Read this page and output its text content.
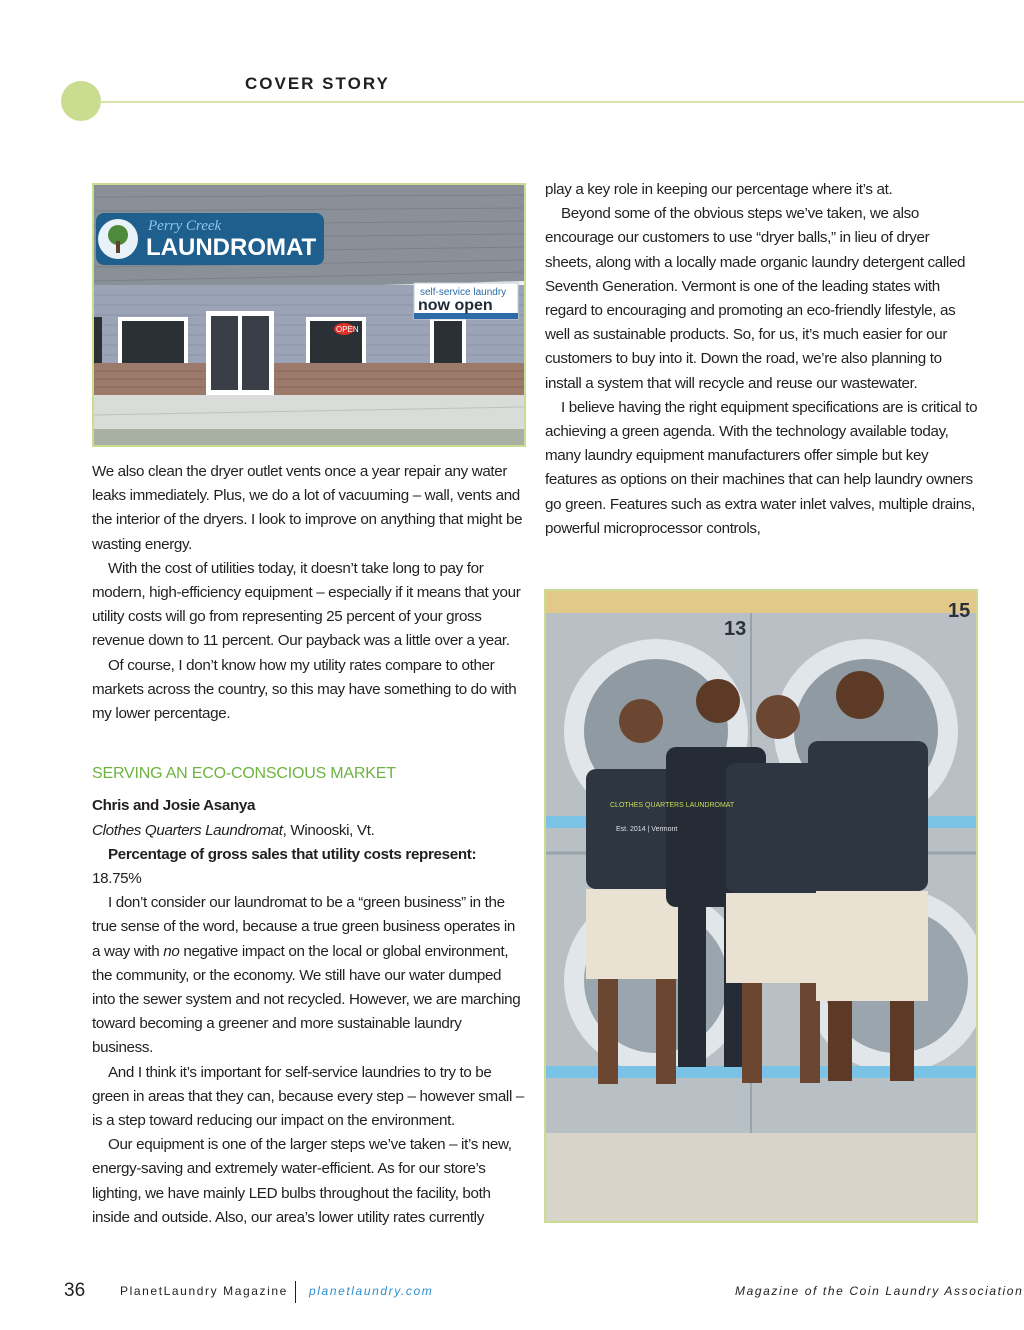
COVER STORY
Perry Creek
LAUNDROMAT
OPEN
self-service laundry
now open

We also clean the dryer outlet vents once a year repair any water leaks immediately. Plus, we do a lot of vacuuming – wall, vents and the interior of the dryers. I look to improve on anything that might be wasting energy.

With the cost of utilities today, it doesn’t take long to pay for modern, high-efficiency equipment – especially if it means that your utility costs will go from representing 25 percent of your gross revenue down to 11 percent. Our payback was a little over a year.

Of course, I don’t know how my utility rates compare to other markets across the country, so this may have something to do with my lower percentage.

SERVING AN ECO-CONSCIOUS MARKET

Chris and Josie Asanya

Clothes Quarters Laundromat, Winooski, Vt.

Percentage of gross sales that utility costs represent: 18.75%

I don’t consider our laundromat to be a “green business” in the true sense of the word, because a true green business operates in a way with no negative impact on the local or global environment, the community, or the economy. We still have our water dumped into the sewer system and not recycled. However, we are marching toward becoming a greener and more sustainable laundry business.

And I think it’s important for self-service laundries to try to be green in areas that they can, because every step – however small – is a step toward reducing our impact on the environment.

Our equipment is one of the larger steps we’ve taken – it’s new, energy-saving and extremely water-efficient. As for our store’s lighting, we have mainly LED bulbs throughout the facility, both inside and outside. Also, our area’s lower utility rates currently

play a key role in keeping our percentage where it’s at.

Beyond some of the obvious steps we’ve taken, we also encourage our customers to use “dryer balls,” in lieu of dryer sheets, along with a locally made organic laundry detergent called Seventh Generation. Vermont is one of the leading states with regard to encouraging and promoting an eco-friendly lifestyle, as well as sustainable products. So, for us, it’s much easier for our customers to buy into it. Down the road, we’re also planning to install a system that will recycle and reuse our wastewater.

I believe having the right equipment specifications are is critical to achieving a green agenda. With the technology available today, many laundry equipment manufacturers offer simple but key features as options on their machines that can help laundry owners go green. Features such as extra water inlet valves, multiple drains, powerful microprocessor controls,

13
15
CLOTHES QUARTERS LAUNDROMAT
Est. 2014 | Vermont
36	PlanetLaundry Magazine planetlaundry.com	Magazine of the Coin Laundry Association
